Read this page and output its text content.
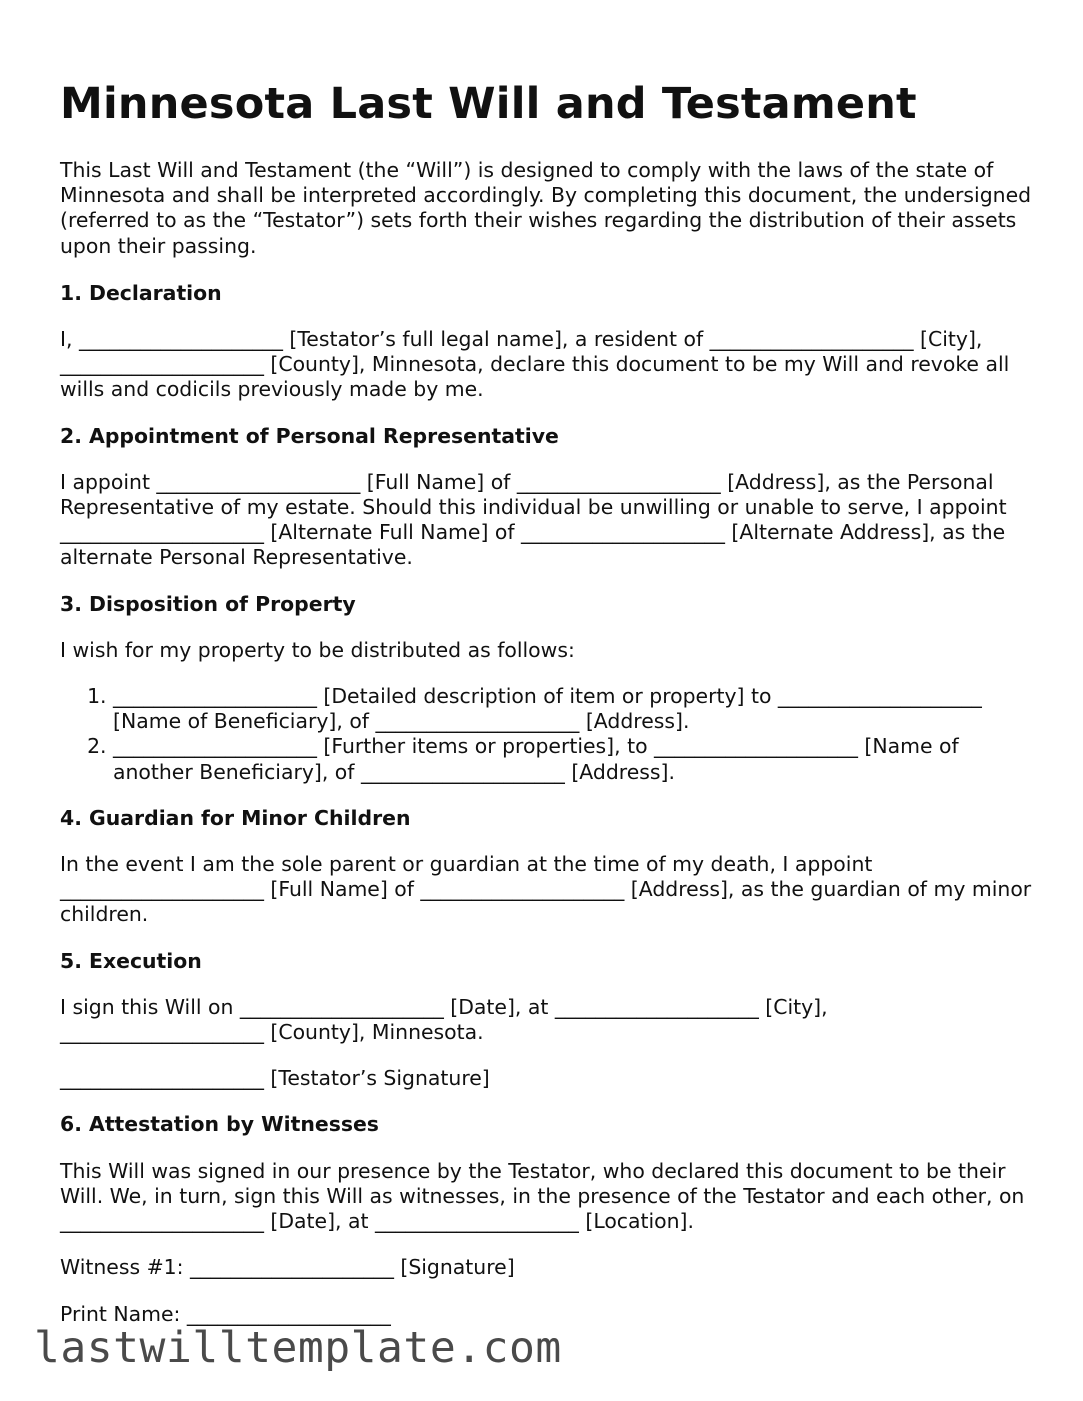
Minnesota Last Will and Testament

This Last Will and Testament (the “Will”) is designed to comply with the laws of the state of Minnesota and shall be interpreted accordingly. By completing this document, the undersigned (referred to as the “Testator”) sets forth their wishes regarding the distribution of their assets upon their passing.

1. Declaration

I, ____________________ [Testator’s full legal name], a resident of ____________________ [City], ____________________ [County], Minnesota, declare this document to be my Will and revoke all wills and codicils previously made by me.

2. Appointment of Personal Representative

I appoint ____________________ [Full Name] of ____________________ [Address], as the Personal Representative of my estate. Should this individual be unwilling or unable to serve, I appoint ____________________ [Alternate Full Name] of ____________________ [Alternate Address], as the alternate Personal Representative.

3. Disposition of Property

I wish for my property to be distributed as follows:

1. ____________________ [Detailed description of item or property] to ____________________ [Name of Beneficiary], of ____________________ [Address].
2. ____________________ [Further items or properties], to ____________________ [Name of another Beneficiary], of ____________________ [Address].
4. Guardian for Minor Children

In the event I am the sole parent or guardian at the time of my death, I appoint ____________________ [Full Name] of ____________________ [Address], as the guardian of my minor children.

5. Execution

I sign this Will on ____________________ [Date], at ____________________ [City], ____________________ [County], Minnesota.

____________________ [Testator’s Signature]

6. Attestation by Witnesses

This Will was signed in our presence by the Testator, who declared this document to be their Will. We, in turn, sign this Will as witnesses, in the presence of the Testator and each other, on ____________________ [Date], at ____________________ [Location].

Witness #1: ____________________ [Signature]

Print Name: ____________________

lastwilltemplate.com
